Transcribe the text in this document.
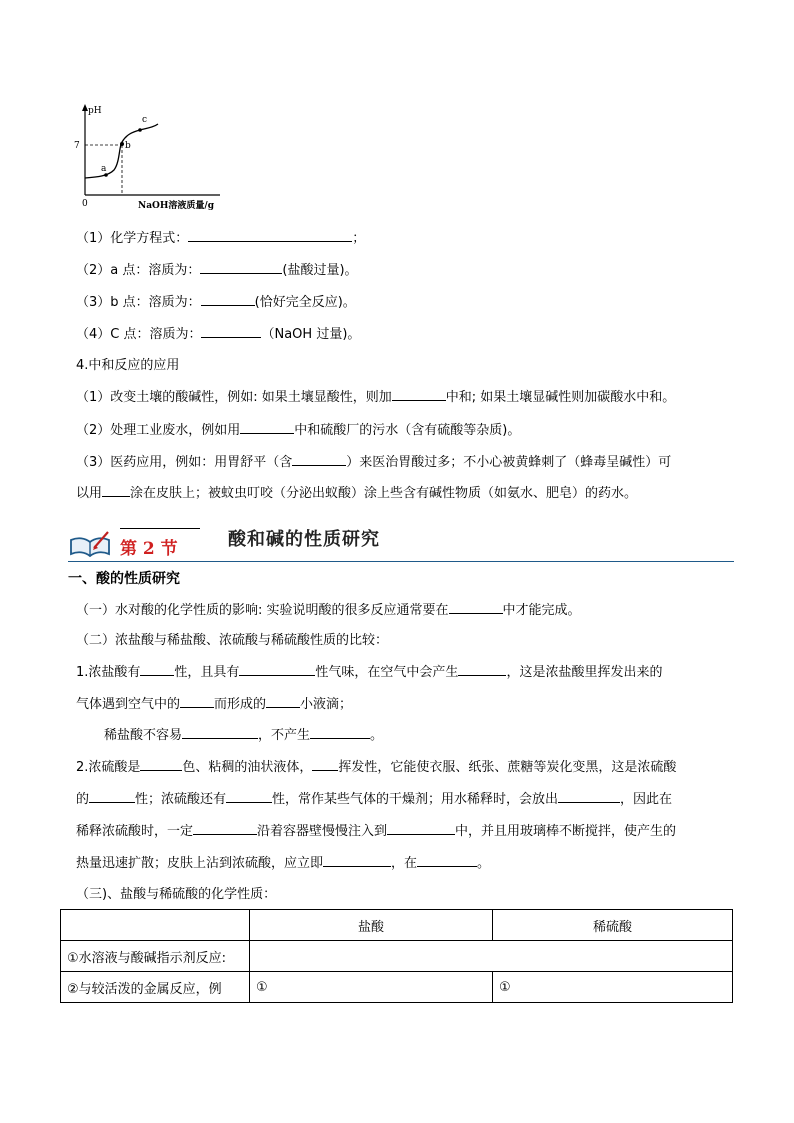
pH
7
0
a
b
c
NaOH溶液质量/g
（1）化学方程式：	；
（2）a 点：溶质为：	(盐酸过量)。
（3）b 点：溶质为：	(恰好完全反应)。
（4）C 点：溶质为：	（NaOH 过量)。
4.中和反应的应用
（1）改变土壤的酸碱性，例如: 如果土壤显酸性，则加	中和; 如果土壤显碱性则加碳酸水中和。
（2）处理工业废水，例如用	中和硫酸厂的污水（含有硫酸等杂质)。
（3）医药应用，例如：用胃舒平（含	）来医治胃酸过多；不小心被黄蜂刺了（蜂毒呈碱性）可
以用 涂在皮肤上；被蚊虫叮咬（分泌出蚁酸）涂上些含有碱性物质（如氨水、肥皂）的药水。
第 2 节	酸和碱的性质研究
一、酸的性质研究
（一）水对酸的化学性质的影响: 实验说明酸的很多反应通常要在	中才能完成。
（二）浓盐酸与稀盐酸、浓硫酸与稀硫酸性质的比较：
1.浓盐酸有	性，且具有	性气味，在空气中会产生	，这是浓盐酸里挥发出来的
气体遇到空气中的	而形成的	小液滴；
稀盐酸不容易	，不产生	。
2.浓硫酸是	色、粘稠的油状液体， 挥发性，它能使衣服、纸张、蔗糖等炭化变黑，这是浓硫酸
的	性；浓硫酸还有	性，常作某些气体的干燥剂；用水稀释时，会放出	，因此在
稀释浓硫酸时，一定	沿着容器壁慢慢注入到	中，并且用玻璃棒不断搅拌，使产生的
热量迅速扩散；皮肤上沾到浓硫酸，应立即	，在	。
（三)、盐酸与稀硫酸的化学性质：
	盐酸	稀硫酸
①水溶液与酸碱指示剂反应:		
②与较活泼的金属反应，例	①	①
